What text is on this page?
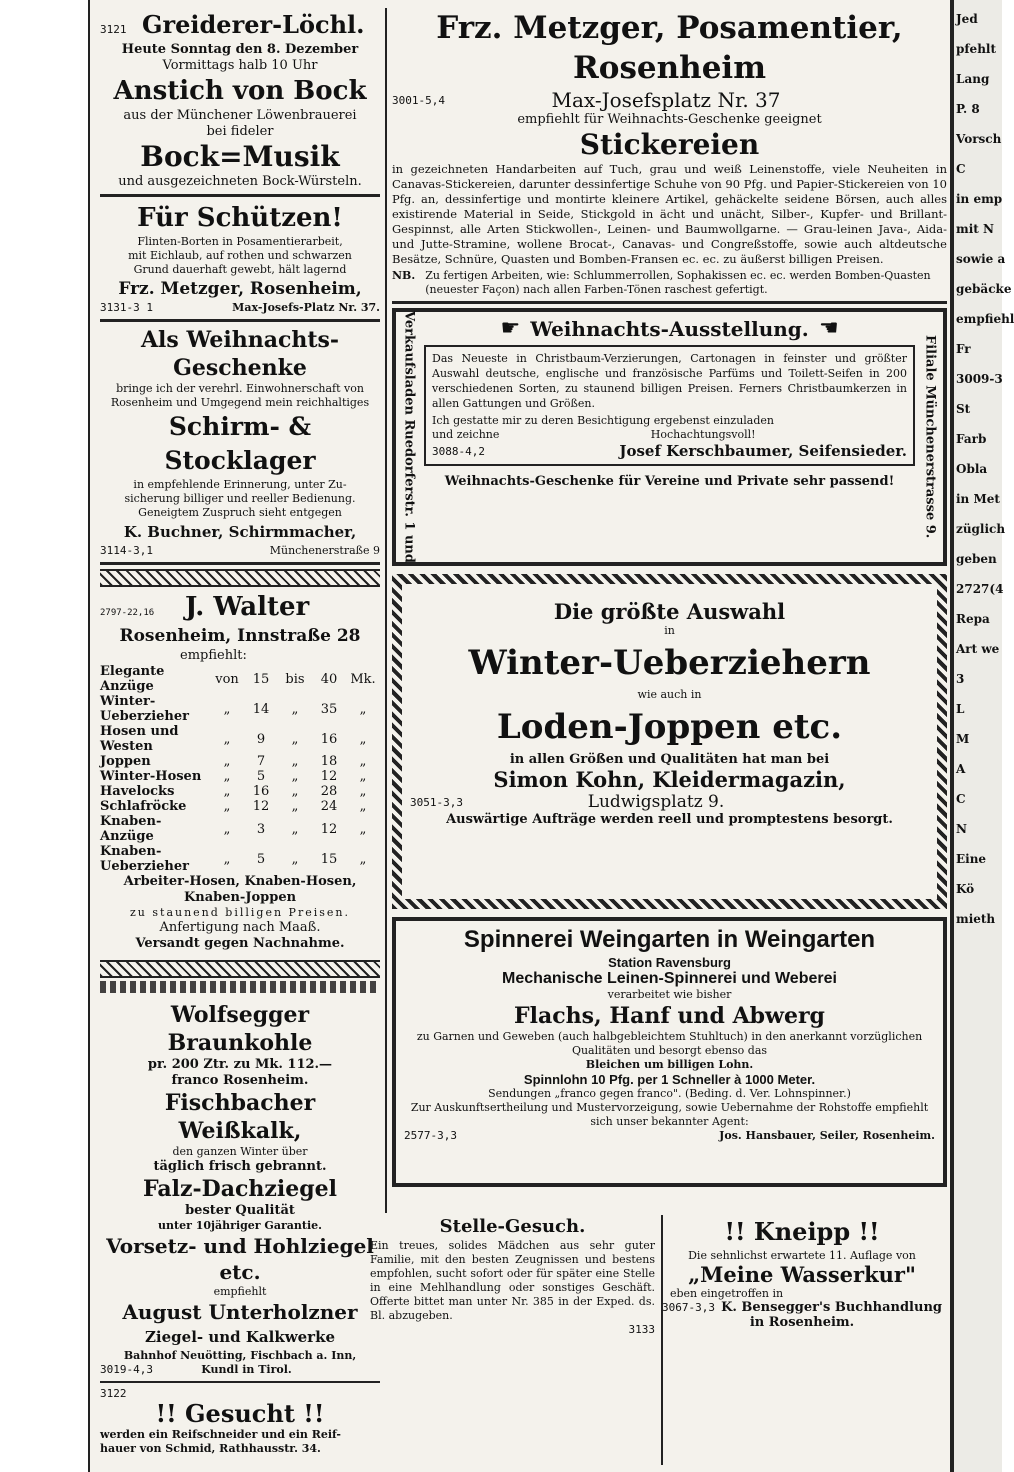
3121 Greiderer-Löchl.
Heute Sonntag den 8. Dezember
Vormittags halb 10 Uhr
Anstich von Bock
aus der Münchener Löwenbrauerei
bei fideler
Bock=Musik
und ausgezeichneten Bock-Würsteln.
Für Schützen!
Flinten-Borten in Posamentierarbeit,
mit Eichlaub, auf rothen und schwarzen
Grund dauerhaft gewebt, hält lagernd
Frz. Metzger, Rosenheim,
3131-3 1	Max-Josefs-Platz Nr. 37.
Als Weihnachts-Geschenke
bringe ich der verehrl. Einwohnerschaft von
Rosenheim und Umgegend mein reichhaltiges
Schirm- & Stocklager
in empfehlende Erinnerung, unter Zu-
sicherung billiger und reeller Bedienung.
Geneigtem Zuspruch sieht entgegen
K. Buchner, Schirmmacher,
3114-3,1	Münchenerstraße 9
2797-22,16 J. Walter
Rosenheim, Innstraße 28
empfiehlt:
Elegante Anzüge	von	15	bis	40	Mk.
Winter-Ueberzieher	„	14	„	35	„
Hosen und Westen	„	9	„	16	„
Joppen	„	7	„	18	„
Winter-Hosen	„	5	„	12	„
Havelocks	„	16	„	28	„
Schlafröcke	„	12	„	24	„
Knaben-Anzüge	„	3	„	12	„
Knaben-Ueberzieher	„	5	„	15	„
Arbeiter-Hosen, Knaben-Hosen,
Knaben-Joppen
zu staunend billigen Preisen.
Anfertigung nach Maaß.
Versandt gegen Nachnahme.
Wolfsegger Braunkohle
pr. 200 Ztr. zu Mk. 112.—
franco Rosenheim.
Fischbacher Weißkalk,
den ganzen Winter über
täglich frisch gebrannt.
Falz-Dachziegel
bester Qualität
unter 10jähriger Garantie.
Vorsetz- und Hohlziegel etc.
empfiehlt
August Unterholzner
Ziegel- und Kalkwerke
Bahnhof Neuötting, Fischbach a. Inn,
3019-4,3	Kundl in Tirol.
3122
!! Gesucht !!
werden ein Reifschneider und ein Reif-
hauer von Schmid, Rathhausstr. 34.
Frz. Metzger, Posamentier, Rosenheim
3001-5,4	Max-Josefsplatz Nr. 37
empfiehlt für Weihnachts-Geschenke geeignet
Stickereien
in gezeichneten Handarbeiten auf Tuch, grau und weiß Leinenstoffe, viele Neuheiten in Canavas-Stickereien, darunter dessinfertige Schuhe von 90 Pfg. und Papier-Stickereien von 10 Pfg. an, dessinfertige und montirte kleinere Artikel, gehäckelte seidene Börsen, auch alles existirende Material in Seide, Stickgold in ächt und unächt, Silber-, Kupfer- und Brillant-Gespinnst, alle Arten Stickwollen-, Leinen- und Baumwollgarne. — Grau-leinen Java-, Aida- und Jutte-Stramine, wollene Brocat-, Canavas- und Congreßstoffe, sowie auch altdeutsche Besätze, Schnüre, Quasten und Bomben-Fransen ec. ec. zu äußerst billigen Preisen.
NB. Zu fertigen Arbeiten, wie: Schlummerrollen, Sophakissen ec. ec. werden Bomben-Quasten (neuester Façon) nach allen Farben-Tönen raschest gefertigt.
Verkaufsladen Ruedorferstr. 1 und	Filiale Münchenerstrasse 9.
☛ Weihnachts-Ausstellung. ☛
Das Neueste in Christbaum-Verzierungen, Cartonagen in feinster und größter Auswahl deutsche, englische und französische Parfüms und Toilett-Seifen in 200 verschiedenen Sorten, zu staunend billigen Preisen. Ferners Christbaumkerzen in allen Gattungen und Größen.
Ich gestatte mir zu deren Besichtigung ergebenst einzuladen
und zeichne	Hochachtungsvoll!
3088-4,2	Josef Kerschbaumer, Seifensieder.
Weihnachts-Geschenke für Vereine und Private sehr passend!
Die größte Auswahl
in
Winter-Ueberziehern
wie auch in
Loden-Joppen etc.
in allen Größen und Qualitäten hat man bei
Simon Kohn, Kleidermagazin,
3051-3,3	Ludwigsplatz 9.
Auswärtige Aufträge werden reell und promptestens besorgt.
Spinnerei Weingarten in Weingarten
Station Ravensburg
Mechanische Leinen-Spinnerei und Weberei
verarbeitet wie bisher
Flachs, Hanf und Abwerg
zu Garnen und Geweben (auch halbgebleichtem Stuhltuch) in den anerkannt vorzüglichen Qualitäten und besorgt ebenso das
Bleichen um billigen Lohn.
Spinnlohn 10 Pfg. per 1 Schneller à 1000 Meter.
Sendungen „franco gegen franco". (Beding. d. Ver. Lohnspinner.)
Zur Auskunftsertheilung und Mustervorzeigung, sowie Uebernahme der Rohstoffe empfiehlt sich unser bekannter Agent:
2577-3,3	Jos. Hansbauer, Seiler, Rosenheim.
Stelle-Gesuch.
Ein treues, solides Mädchen aus sehr guter Familie, mit den besten Zeugnissen und bestens empfohlen, sucht sofort oder für später eine Stelle in eine Mehlhandlung oder sonstiges Geschäft. Offerte bittet man unter Nr. 385 in der Exped. ds. Bl. abzugeben.
3133
!! Kneipp !!
Die sehnlichst erwartete 11. Auflage von
„Meine Wasserkur"
eben eingetroffen in
3067-3,3 K. Bensegger's Buchhandlung
in Rosenheim.
Jed
pfehlt
Lang
P. 8
Vorsch
C
in emp
mit N
sowie a
gebäcke
empfiehl
Fr
3009-3
St
Farb
Obla
in Met
züglich
geben
2727(4
Repa
Art we
3
L
M
A
C
N
Eine
Kö
mieth
